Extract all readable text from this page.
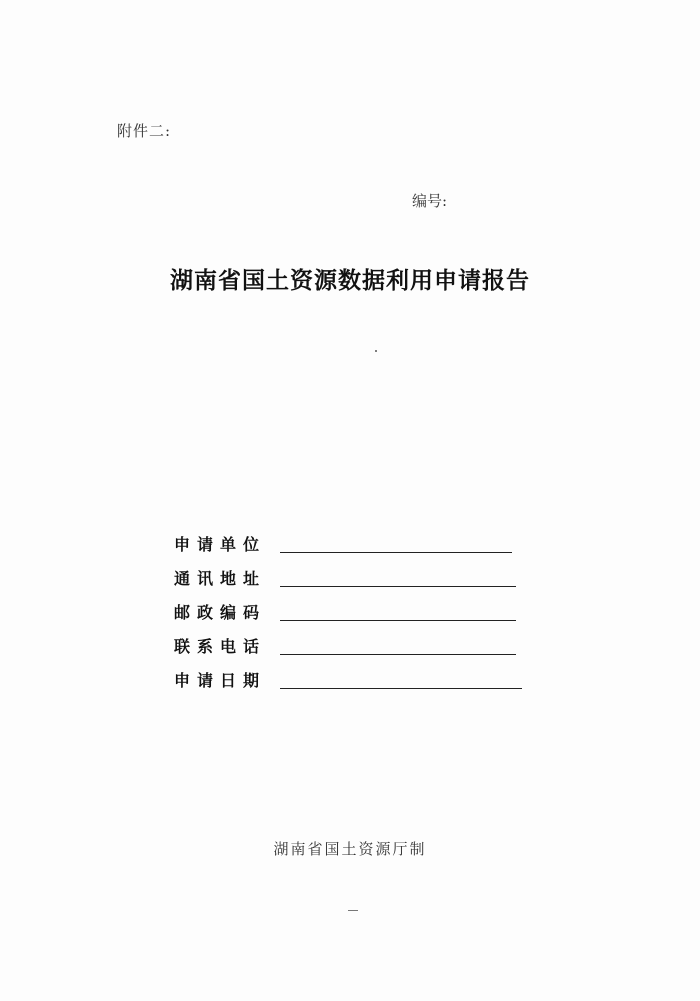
附件二:
编号:
湖南省国土资源数据利用申请报告
申请单位
通讯地址
邮政编码
联系电话
申请日期
湖南省国土资源厅制
